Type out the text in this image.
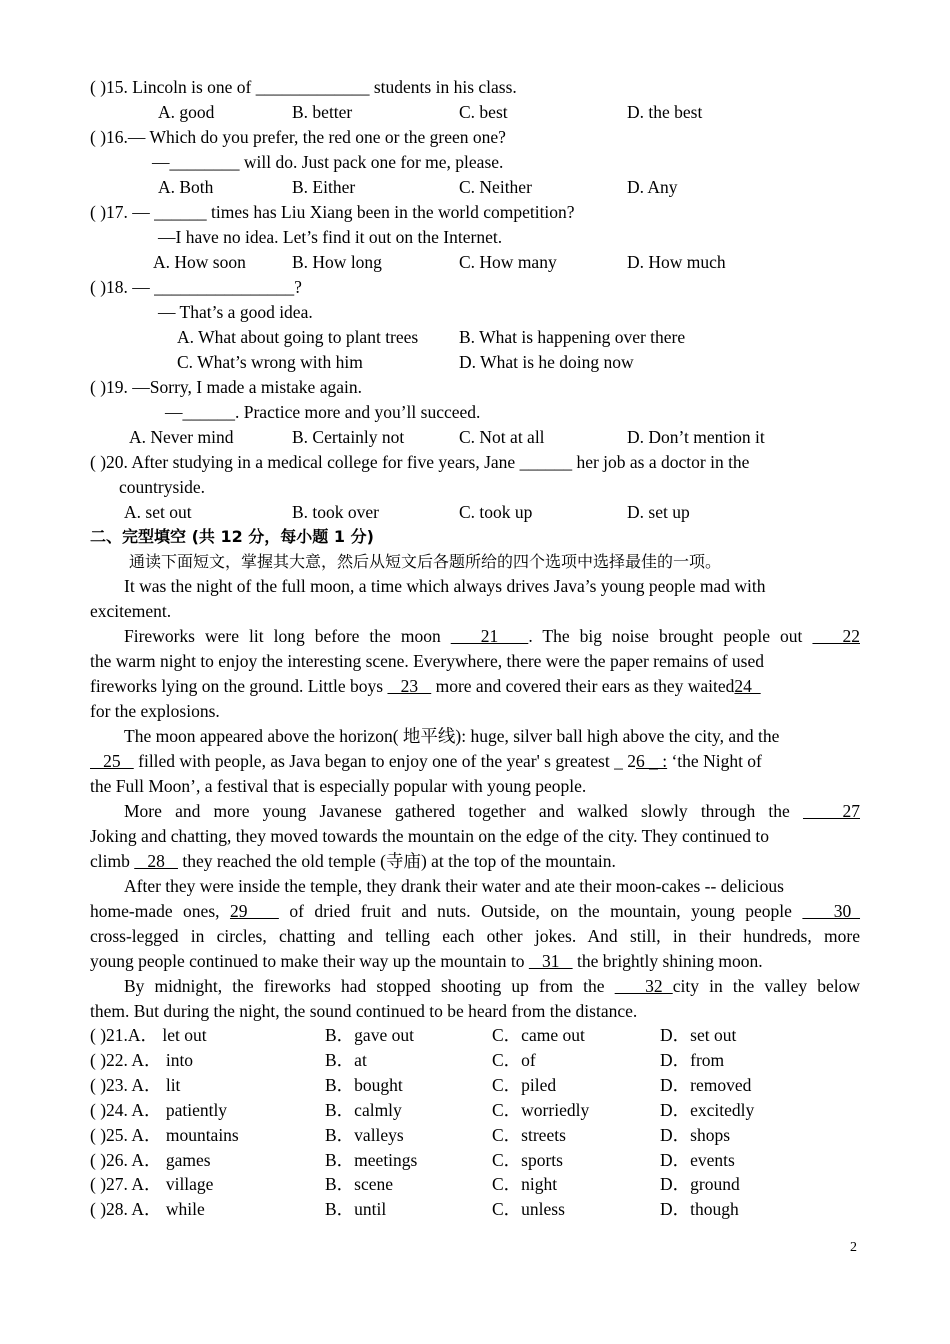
( )15. Lincoln is one of _____________ students in his class.
A. good	B. better	C. best	D. the best
( )16.— Which do you prefer, the red one or the green one?
—________ will do. Just pack one for me, please.
A. Both	B. Either	C. Neither	D. Any
( )17. — ______ times has Liu Xiang been in the world competition?
—I have no idea. Let’s find it out on the Internet.
A. How soon	B. How long	C. How many	D. How much
( )18. — ________________?
— That’s a good idea.
A. What about going to plant trees B. What is happening over there
C. What’s wrong with him	D. What is he doing now
( )19. —Sorry, I made a mistake again.
—______. Practice more and you’ll succeed.
A. Never mind	B. Certainly not	C. Not at all	D. Don’t mention it
( )20. After studying in a medical college for five years, Jane ______ her job as a doctor in the
countryside.
A. set out	B. took over	C. took up	D. set up
二、完型填空 (共 12 分，每小题 1 分)
通读下面短文，掌握其大意，然后从短文后各题所给的四个选项中选择最佳的一项。
It was the night of the full moon, a time which always drives Java’s young people mad with
excitement.
Fireworks were lit long before the moon    21   . The big noise brought people out    22
the warm night to enjoy the interesting scene. Everywhere, there were the paper remains of used
fireworks lying on the ground. Little boys    23    more and covered their ears as they waited24
for the explosions.
The moon appeared above the horizon( 地平线): huge, silver ball high above the city, and the
25    filled with people, as Java began to enjoy one of the year' s greatest _ 26 _ : ‘the Night of
the Full Moon’, a festival that is especially popular with young people.
More and more young Javanese gathered together and walked slowly through the    27
Joking and chatting, they moved towards the mountain on the edge of the city. They continued to
climb    28    they reached the old temple (寺庙) at the top of the mountain.
After they were inside the temple, they drank their water and ate their moon-cakes -- delicious
home-made ones, 29    of dried fruit and nuts. Outside, on the mountain, young people    30
cross-legged in circles, chatting and telling each other jokes. And still, in their hundreds, more
young people continued to make their way up the mountain to    31    the brightly shining moon.
By midnight, the fireworks had stopped shooting up from the    32 city in the valley below
them. But during the night, the sound continued to be heard from the distance.
( )21.A． let out	B．gave out	C．came out	D．set out
( )22. A． into	B．at	C．of	D．from
( )23. A． lit	B．bought	C．piled	D．removed
( )24. A． patiently	B．calmly	C．worriedly	D．excitedly
( )25. A． mountains	B．valleys	C．streets	D．shops
( )26. A． games	B．meetings	C．sports	D．events
( )27. A． village	B．scene	C．night	D．ground
( )28. A． while	B．until	C．unless	D．though
2
